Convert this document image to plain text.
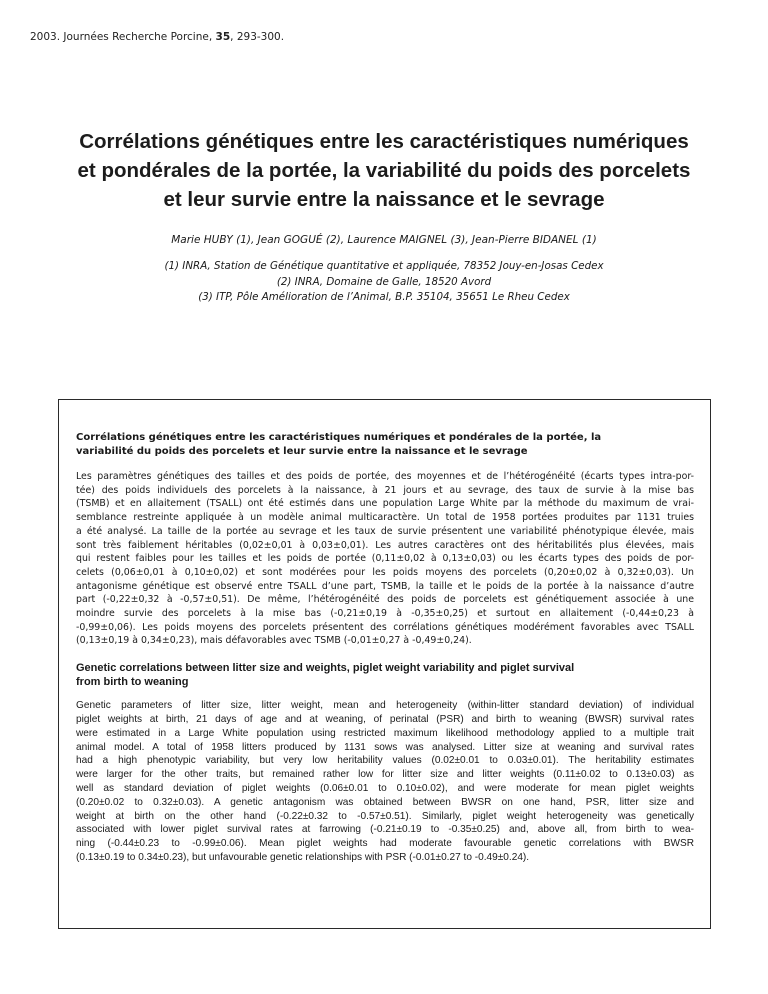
2003. Journées Recherche Porcine, 35, 293-300.
Corrélations génétiques entre les caractéristiques numériques
et pondérales de la portée, la variabilité du poids des porcelets
et leur survie entre la naissance et le sevrage
Marie HUBY (1), Jean GOGUÉ (2), Laurence MAIGNEL (3), Jean-Pierre BIDANEL (1)
(1) INRA, Station de Génétique quantitative et appliquée, 78352 Jouy-en-Josas Cedex
(2) INRA, Domaine de Galle, 18520 Avord
(3) ITP, Pôle Amélioration de l’Animal, B.P. 35104, 35651 Le Rheu Cedex
Corrélations génétiques entre les caractéristiques numériques et pondérales de la portée, la
variabilité du poids des porcelets et leur survie entre la naissance et le sevrage
Les paramètres génétiques des tailles et des poids de portée, des moyennes et de l’hétérogénéité (écarts types intra-por-
tée) des poids individuels des porcelets à la naissance, à 21 jours et au sevrage, des taux de survie à la mise bas
(TSMB) et en allaitement (TSALL) ont été estimés dans une population Large White par la méthode du maximum de vrai-
semblance restreinte appliquée à un modèle animal multicaractère. Un total de 1958 portées produites par 1131 truies
a été analysé. La taille de la portée au sevrage et les taux de survie présentent une variabilité phénotypique élevée, mais
sont très faiblement héritables (0,02±0,01 à 0,03±0,01). Les autres caractères ont des héritabilités plus élevées, mais
qui restent faibles pour les tailles et les poids de portée (0,11±0,02 à 0,13±0,03) ou les écarts types des poids de por-
celets (0,06±0,01 à 0,10±0,02) et sont modérées pour les poids moyens des porcelets (0,20±0,02 à 0,32±0,03). Un
antagonisme génétique est observé entre TSALL d’une part, TSMB, la taille et le poids de la portée à la naissance d’autre
part (-0,22±0,32 à -0,57±0,51). De même, l’hétérogénéité des poids de porcelets est génétiquement associée à une
moindre survie des porcelets à la mise bas (-0,21±0,19 à -0,35±0,25) et surtout en allaitement (-0,44±0,23 à
-0,99±0,06). Les poids moyens des porcelets présentent des corrélations génétiques modérément favorables avec TSALL
(0,13±0,19 à 0,34±0,23), mais défavorables avec TSMB (-0,01±0,27 à -0,49±0,24).
Genetic correlations between litter size and weights, piglet weight variability and piglet survival
from birth to weaning
Genetic parameters of litter size, litter weight, mean and heterogeneity (within-litter standard deviation) of individual
piglet weights at birth, 21 days of age and at weaning, of perinatal (PSR) and birth to weaning (BWSR) survival rates
were estimated in a Large White population using restricted maximum likelihood methodology applied to a multiple trait
animal model. A total of 1958 litters produced by 1131 sows was analysed. Litter size at weaning and survival rates
had a high phenotypic variability, but very low heritability values (0.02±0.01 to 0.03±0.01). The heritability estimates
were larger for the other traits, but remained rather low for litter size and litter weights (0.11±0.02 to 0.13±0.03) as
well as standard deviation of piglet weights (0.06±0.01 to 0.10±0.02), and were moderate for mean piglet weights
(0.20±0.02 to 0.32±0.03). A genetic antagonism was obtained between BWSR on one hand, PSR, litter size and
weight at birth on the other hand (-0.22±0.32 to -0.57±0.51). Similarly, piglet weight heterogeneity was genetically
associated with lower piglet survival rates at farrowing (-0.21±0.19 to -0.35±0.25) and, above all, from birth to wea-
ning (-0.44±0.23 to -0.99±0.06). Mean piglet weights had moderate favourable genetic correlations with BWSR
(0.13±0.19 to 0.34±0.23), but unfavourable genetic relationships with PSR (-0.01±0.27 to -0.49±0.24).
